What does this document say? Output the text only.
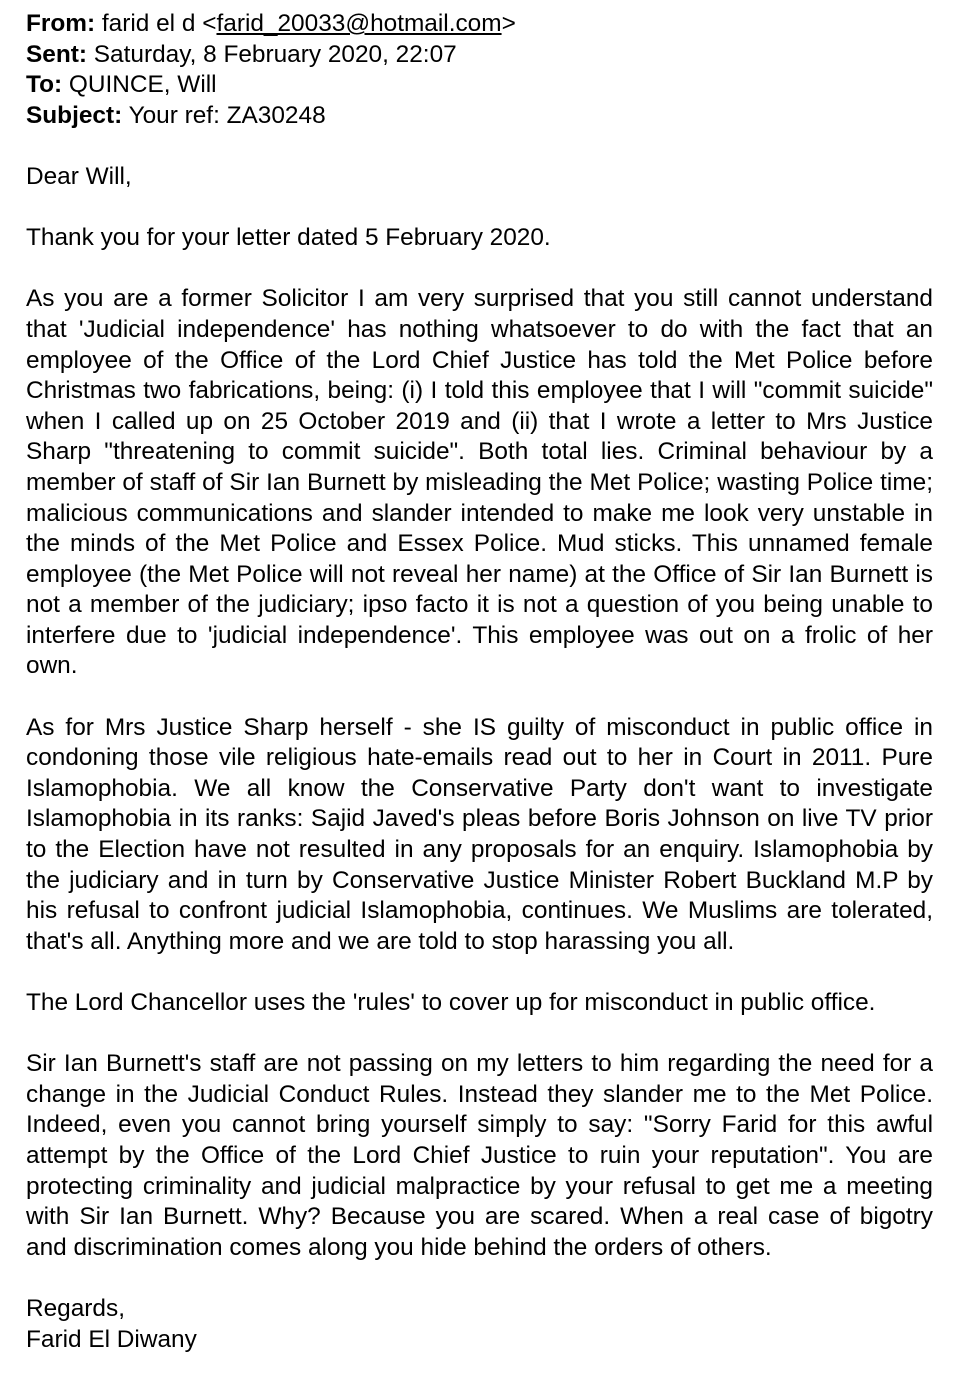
From: farid el d <farid_20033@hotmail.com>
Sent: Saturday, 8 February 2020, 22:07
To: QUINCE, Will
Subject: Your ref: ZA30248

Dear Will,

Thank you for your letter dated 5 February 2020.

As you are a former Solicitor I am very surprised that you still cannot understand that 'Judicial independence' has nothing whatsoever to do with the fact that an employee of the Office of the Lord Chief Justice has told the Met Police before Christmas two fabrications, being: (i) I told this employee that I will "commit suicide" when I called up on 25 October 2019 and (ii) that I wrote a letter to Mrs Justice Sharp "threatening to commit suicide". Both total lies. Criminal behaviour by a member of staff of Sir Ian Burnett by misleading the Met Police; wasting Police time; malicious communications and slander intended to make me look very unstable in the minds of the Met Police and Essex Police. Mud sticks. This unnamed female employee (the Met Police will not reveal her name) at the Office of Sir Ian Burnett is not a member of the judiciary; ipso facto it is not a question of you being unable to interfere due to 'judicial independence'. This employee was out on a frolic of her own.

As for Mrs Justice Sharp herself - she IS guilty of misconduct in public office in condoning those vile religious hate-emails read out to her in Court in 2011. Pure Islamophobia. We all know the Conservative Party don't want to investigate Islamophobia in its ranks: Sajid Javed's pleas before Boris Johnson on live TV prior to the Election have not resulted in any proposals for an enquiry. Islamophobia by the judiciary and in turn by Conservative Justice Minister Robert Buckland M.P by his refusal to confront judicial Islamophobia, continues. We Muslims are tolerated, that's all. Anything more and we are told to stop harassing you all.

The Lord Chancellor uses the 'rules' to cover up for misconduct in public office.

Sir Ian Burnett's staff are not passing on my letters to him regarding the need for a change in the Judicial Conduct Rules. Instead they slander me to the Met Police. Indeed, even you cannot bring yourself simply to say: "Sorry Farid for this awful attempt by the Office of the Lord Chief Justice to ruin your reputation". You are protecting criminality and judicial malpractice by your refusal to get me a meeting with Sir Ian Burnett. Why? Because you are scared. When a real case of bigotry and discrimination comes along you hide behind the orders of others.

Regards,

Farid El Diwany
